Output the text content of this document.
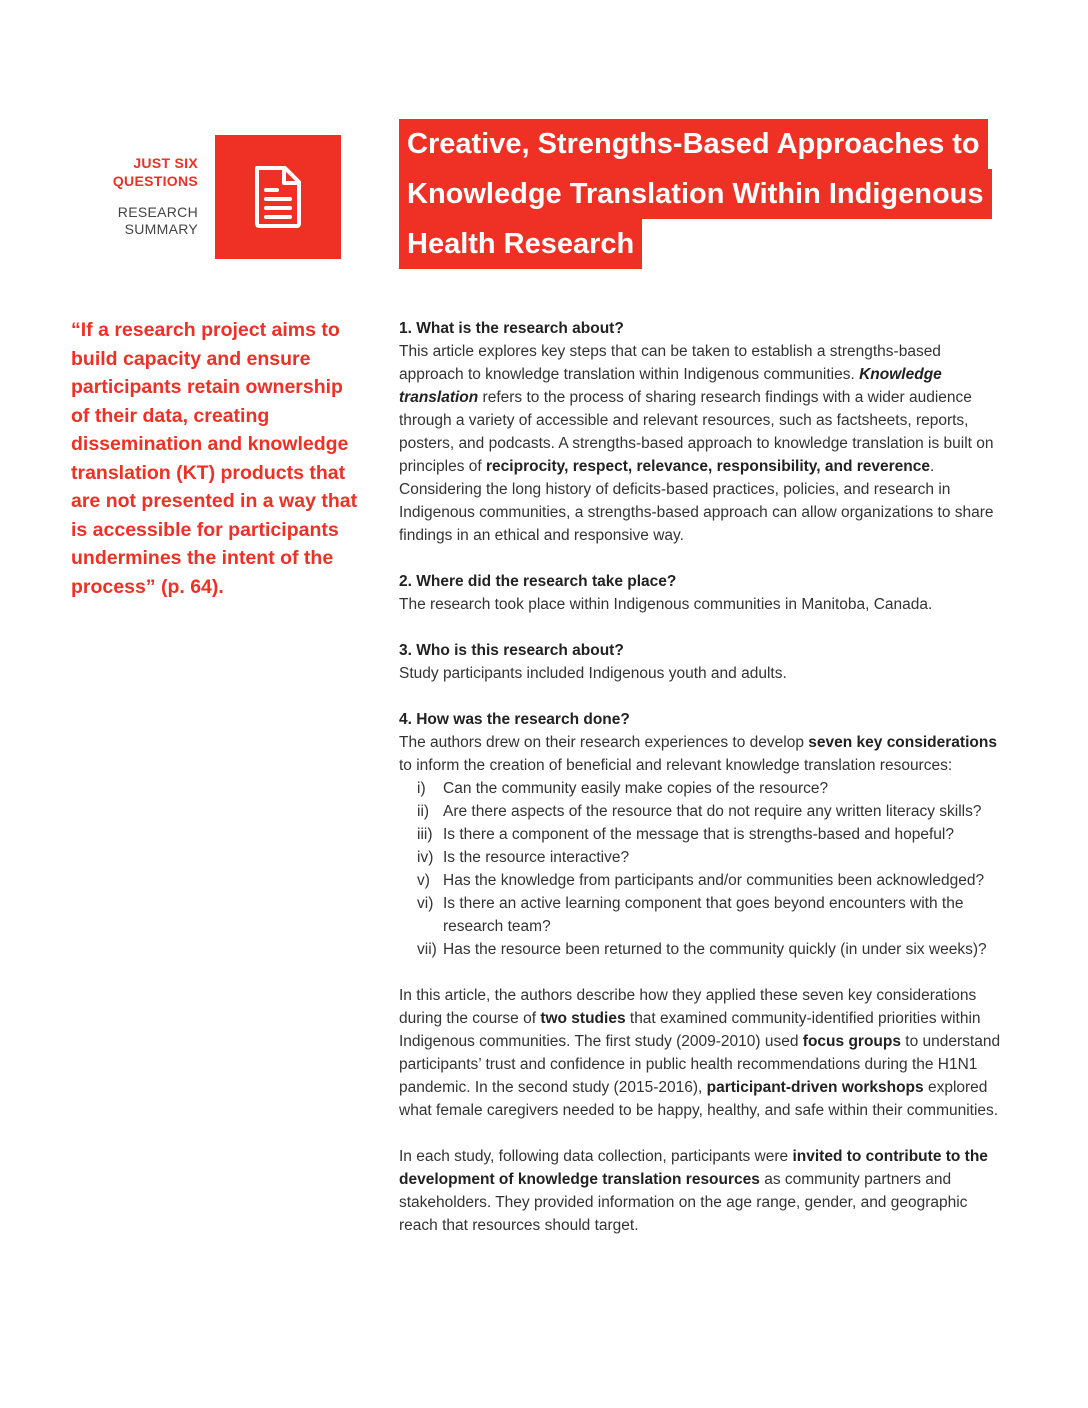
JUST SIX
QUESTIONS
RESEARCH
SUMMARY
Creative, Strengths-Based Approaches to
Knowledge Translation Within Indigenous
Health Research
“If a research project aims to build capacity and ensure participants retain ownership of their data, creating dissemination and knowledge translation (KT) products that are not presented in a way that is accessible for participants undermines the intent of the process” (p. 64).
1. What is the research about?

This article explores key steps that can be taken to establish a strengths-based approach to knowledge translation within Indigenous communities. Knowledge translation refers to the process of sharing research findings with a wider audience through a variety of accessible and relevant resources, such as factsheets, reports, posters, and podcasts. A strengths-based approach to knowledge translation is built on principles of reciprocity, respect, relevance, responsibility, and reverence. Considering the long history of deficits-based practices, policies, and research in Indigenous communities, a strengths-based approach can allow organizations to share findings in an ethical and responsive way.

2. Where did the research take place?

The research took place within Indigenous communities in Manitoba, Canada.

3. Who is this research about?

Study participants included Indigenous youth and adults.

4. How was the research done?

The authors drew on their research experiences to develop seven key considerations to inform the creation of beneficial and relevant knowledge translation resources:

i)	Can the community easily make copies of the resource?
ii) Are there aspects of the resource that do not require any written literacy skills?
iii) Is there a component of the message that is strengths-based and hopeful?
iv) Is the resource interactive?
v) Has the knowledge from participants and/or communities been acknowledged?
vi) Is there an active learning component that goes beyond encounters with the research team?
vii) Has the resource been returned to the community quickly (in under six weeks)?

In this article, the authors describe how they applied these seven key considerations during the course of two studies that examined community-identified priorities within Indigenous communities. The first study (2009-2010) used focus groups to understand participants’ trust and confidence in public health recommendations during the H1N1 pandemic. In the second study (2015-2016), participant-driven workshops explored what female caregivers needed to be happy, healthy, and safe within their communities.

In each study, following data collection, participants were invited to contribute to the development of knowledge translation resources as community partners and stakeholders. They provided information on the age range, gender, and geographic reach that resources should target.
